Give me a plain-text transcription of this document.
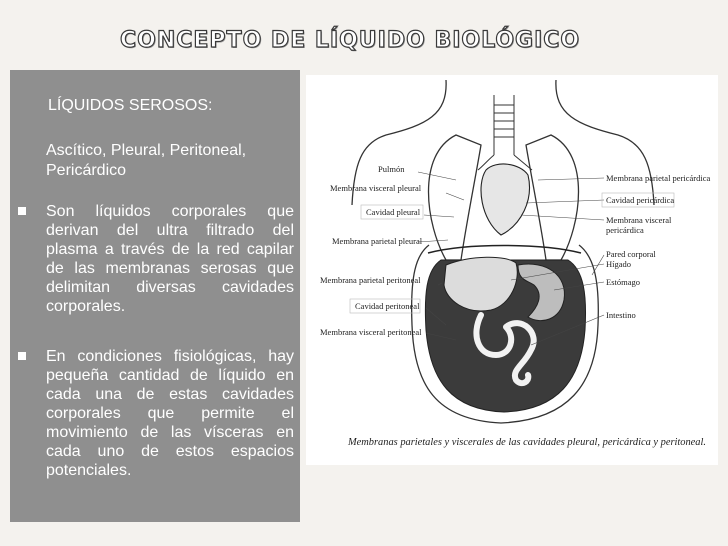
CONCEPTO DE LÍQUIDO BIOLÓGICO
LÍQUIDOS SEROSOS:
Ascítico, Pleural, Peritoneal, Pericárdico
Son líquidos corporales que derivan del ultra filtrado del plasma a través de la red capilar de las membranas serosas que delimitan diversas cavidades corporales.
En condiciones fisiológicas, hay pequeña cantidad de líquido en cada una de estas cavidades corporales que permite el movimiento de las vísceras en cada uno de estos espacios potenciales.
Pulmón
Membrana visceral pleural
Cavidad pleural
Membrana parietal pleural
Membrana parietal peritoneal
Cavidad peritoneal
Membrana visceral peritoneal
Membrana parietal pericárdica
Cavidad pericárdica
Membrana visceral
pericárdica
Pared corporal
Hígado
Estómago
Intestino
Membranas parietales y viscerales de las cavidades pleural, pericárdica y peritoneal.
